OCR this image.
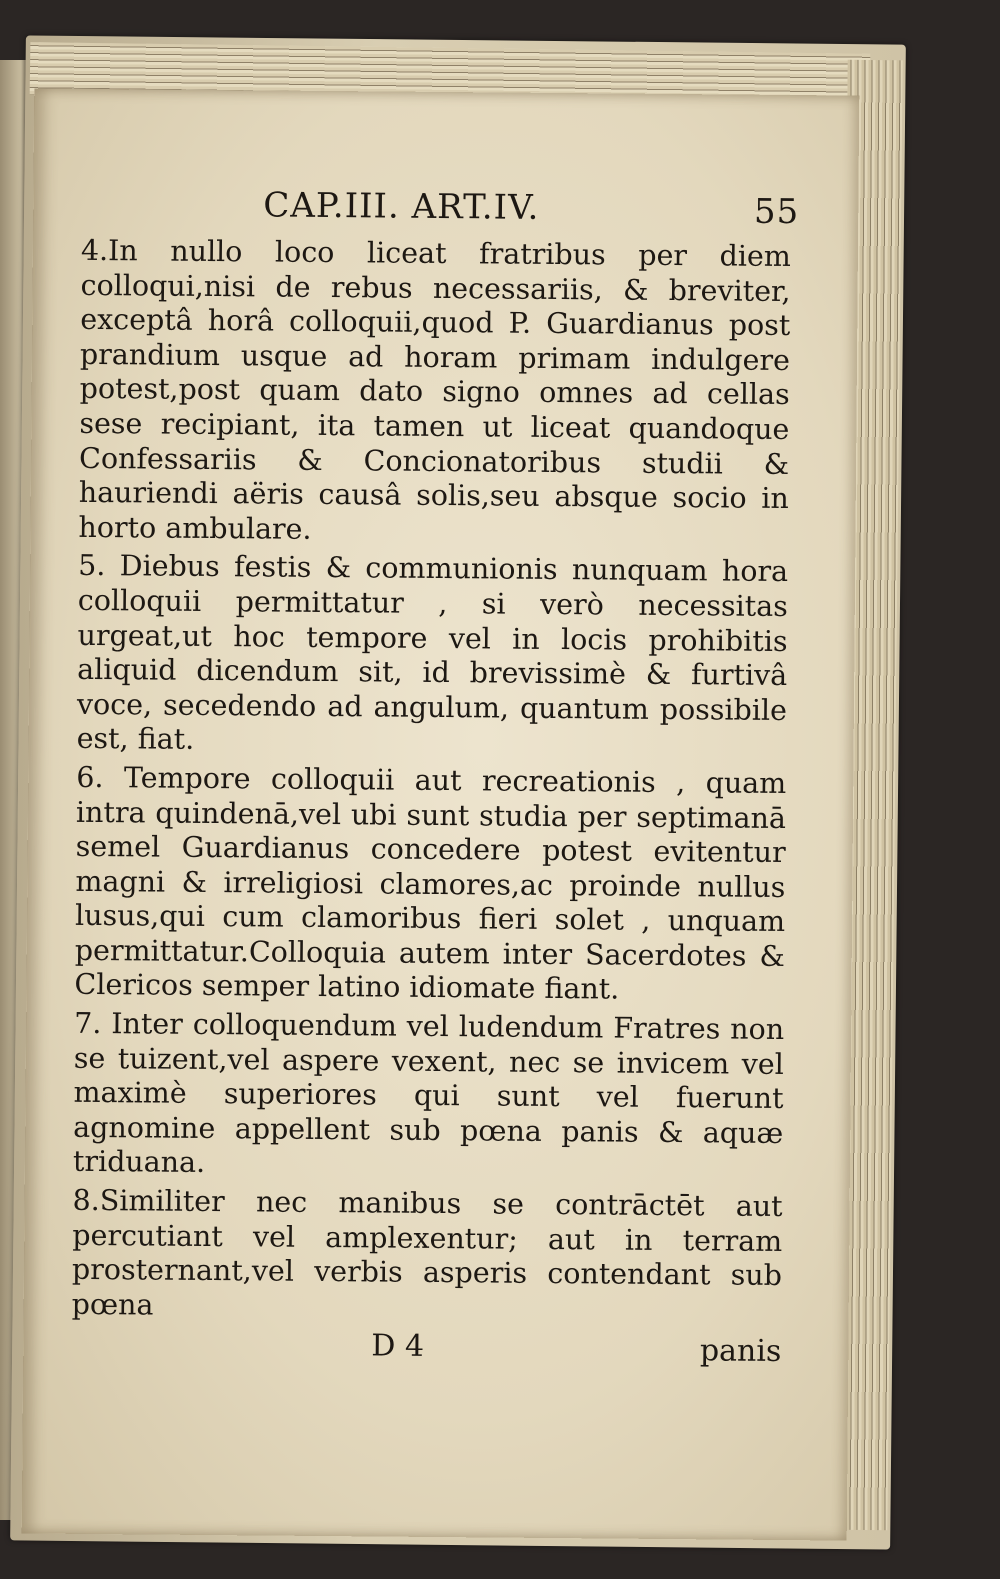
CAP.III. ART.IV.	55

4.In nullo loco liceat fratribus per diem colloqui,nisi de rebus necessariis, & breviter, exceptâ horâ colloquii,quod P. Guardianus post prandium usque ad horam primam indulgere potest,post quam dato signo omnes ad cellas sese recipiant, ita tamen ut liceat quandoque Confessariis & Concionatoribus studii & hauriendi aëris causâ solis,seu absque socio in horto ambulare.

5. Diebus festis & communionis nunquam hora colloquii permittatur , si verò necessitas urgeat,ut hoc tempore vel in locis prohibitis aliquid dicendum sit, id brevissimè & furtivâ voce, secedendo ad angulum, quantum possibile est, fiat.

6. Tempore colloquii aut recreationis , quam intra quindenā,vel ubi sunt studia per septimanā semel Guardianus concedere potest evitentur magni & irreligiosi clamores,ac proinde nullus lusus,qui cum clamoribus fieri solet , unquam permittatur.Colloquia autem inter Sacerdotes & Clericos semper latino idiomate fiant.

7. Inter colloquendum vel ludendum Fratres non se tuizent,vel aspere vexent, nec se invicem vel maximè superiores qui sunt vel fuerunt agnomine appellent sub pœna panis & aquæ triduana.

8.Similiter nec manibus se contrāctēt aut percutiant vel amplexentur; aut in terram prosternant,vel verbis asperis contendant sub pœna

D 4	panis
